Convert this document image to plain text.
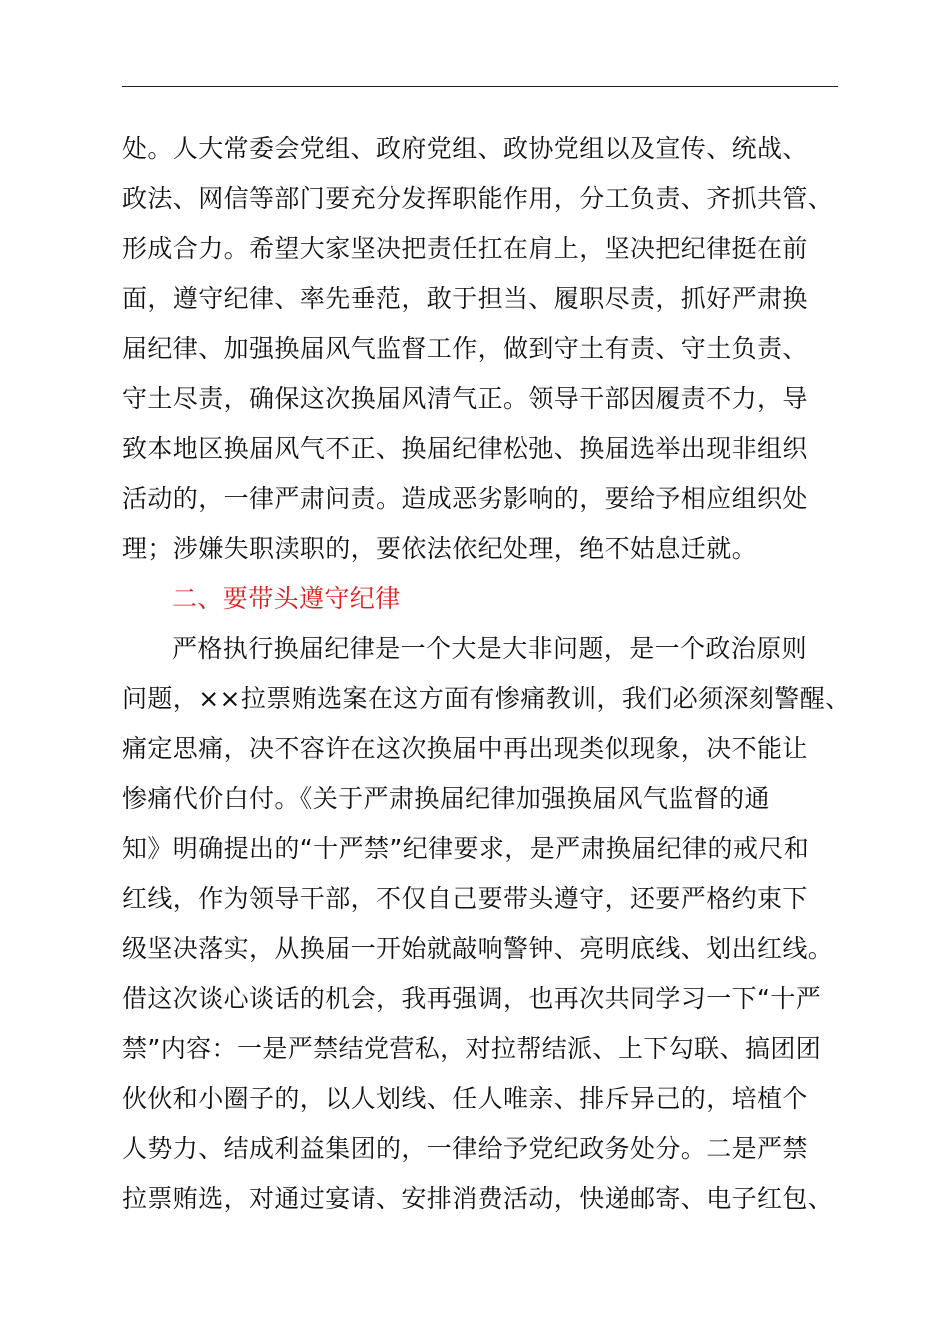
处。人大常委会党组、政府党组、政协党组以及宣传、统战、
政法、网信等部门要充分发挥职能作用，分工负责、齐抓共管、
形成合力。希望大家坚决把责任扛在肩上，坚决把纪律挺在前
面，遵守纪律、率先垂范，敢于担当、履职尽责，抓好严肃换
届纪律、加强换届风气监督工作，做到守土有责、守土负责、
守土尽责，确保这次换届风清气正。领导干部因履责不力，导
致本地区换届风气不正、换届纪律松弛、换届选举出现非组织
活动的，一律严肃问责。造成恶劣影响的，要给予相应组织处
理；涉嫌失职渎职的，要依法依纪处理，绝不姑息迁就。
二、要带头遵守纪律
严格执行换届纪律是一个大是大非问题，是一个政治原则
问题，××拉票贿选案在这方面有惨痛教训，我们必须深刻警醒、
痛定思痛，决不容许在这次换届中再出现类似现象，决不能让
惨痛代价白付。《关于严肃换届纪律加强换届风气监督的通
知》明确提出的“十严禁”纪律要求，是严肃换届纪律的戒尺和
红线，作为领导干部，不仅自己要带头遵守，还要严格约束下
级坚决落实，从换届一开始就敲响警钟、亮明底线、划出红线。
借这次谈心谈话的机会，我再强调，也再次共同学习一下“十严
禁”内容：一是严禁结党营私，对拉帮结派、上下勾联、搞团团
伙伙和小圈子的，以人划线、任人唯亲、排斥异己的，培植个
人势力、结成利益集团的，一律给予党纪政务处分。二是严禁
拉票贿选，对通过宴请、安排消费活动，快递邮寄、电子红包、
